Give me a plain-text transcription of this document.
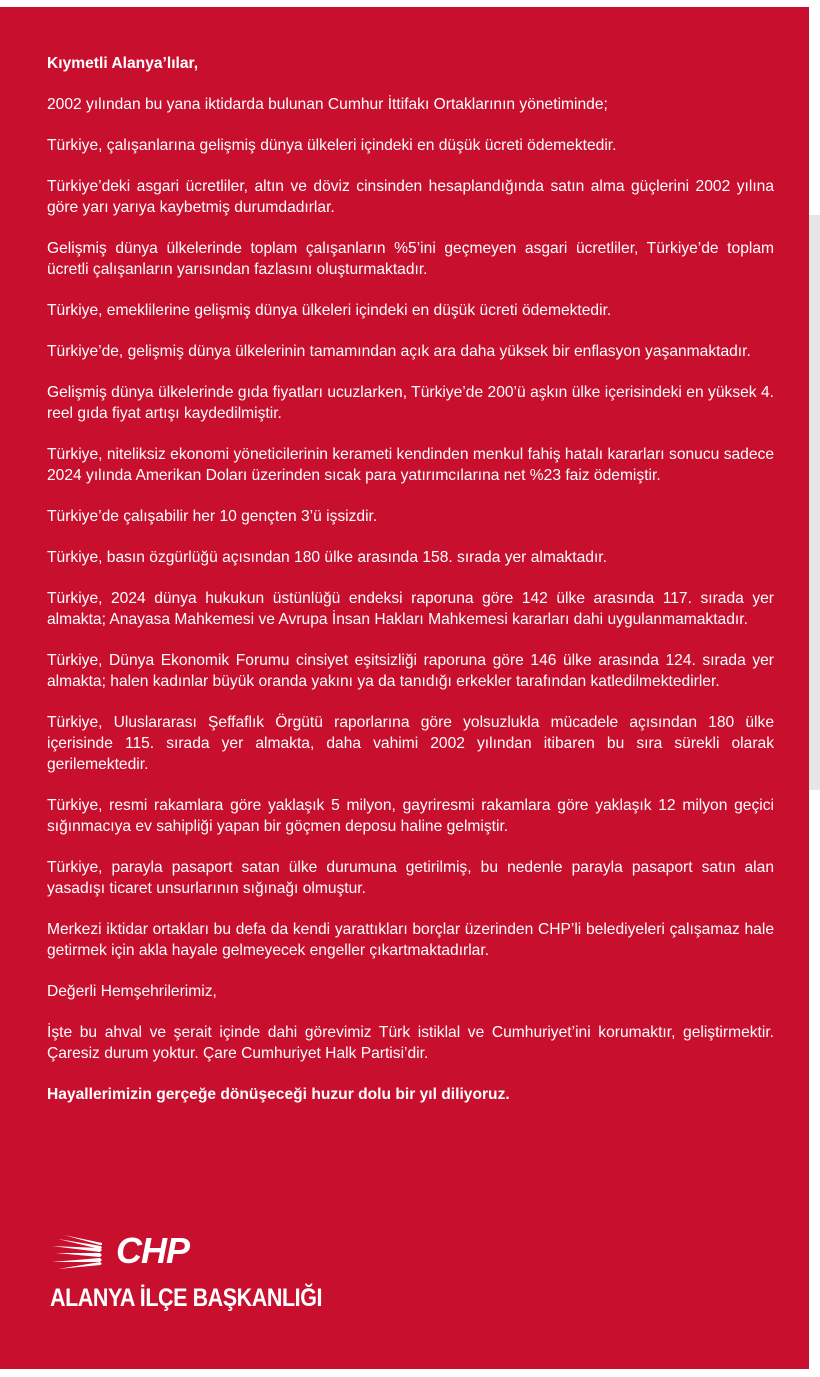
Kıymetli Alanya’lılar,

2002 yılından bu yana iktidarda bulunan Cumhur İttifakı Ortaklarının yönetiminde;

Türkiye, çalışanlarına gelişmiş dünya ülkeleri içindeki en düşük ücreti ödemektedir.

Türkiye’deki asgari ücretliler, altın ve döviz cinsinden hesaplandığında satın alma güçlerini 2002 yılına göre yarı yarıya kaybetmiş durumdadırlar.

Gelişmiş dünya ülkelerinde toplam çalışanların %5’ini geçmeyen asgari ücretliler, Türkiye’de toplam ücretli çalışanların yarısından fazlasını oluşturmaktadır.

Türkiye, emeklilerine gelişmiş dünya ülkeleri içindeki en düşük ücreti ödemektedir.

Türkiye’de, gelişmiş dünya ülkelerinin tamamından açık ara daha yüksek bir enflasyon yaşanmaktadır.

Gelişmiş dünya ülkelerinde gıda fiyatları ucuzlarken, Türkiye’de 200’ü aşkın ülke içerisindeki en yüksek 4. reel gıda fiyat artışı kaydedilmiştir.

Türkiye, niteliksiz ekonomi yöneticilerinin kerameti kendinden menkul fahiş hatalı kararları sonucu sadece 2024 yılında Amerikan Doları üzerinden sıcak para yatırımcılarına net %23 faiz ödemiştir.

Türkiye’de çalışabilir her 10 gençten 3’ü işsizdir.

Türkiye, basın özgürlüğü açısından 180 ülke arasında 158. sırada yer almaktadır.

Türkiye, 2024 dünya hukukun üstünlüğü endeksi raporuna göre 142 ülke arasında 117. sırada yer almakta; Anayasa Mahkemesi ve Avrupa İnsan Hakları Mahkemesi kararları dahi uygulanmamaktadır.

Türkiye, Dünya Ekonomik Forumu cinsiyet eşitsizliği raporuna göre 146 ülke arasında 124. sırada yer almakta; halen kadınlar büyük oranda yakını ya da tanıdığı erkekler tarafından katledilmektedirler.

Türkiye, Uluslararası Şeffaflık Örgütü raporlarına göre yolsuzlukla mücadele açısından 180 ülke içerisinde 115. sırada yer almakta, daha vahimi 2002 yılından itibaren bu sıra sürekli olarak gerilemektedir.

Türkiye, resmi rakamlara göre yaklaşık 5 milyon, gayriresmi rakamlara göre yaklaşık 12 milyon geçici sığınmacıya ev sahipliği yapan bir göçmen deposu haline gelmiştir.

Türkiye, parayla pasaport satan ülke durumuna getirilmiş, bu nedenle parayla pasaport satın alan yasadışı ticaret unsurlarının sığınağı olmuştur.

Merkezi iktidar ortakları bu defa da kendi yarattıkları borçlar üzerinden CHP’li belediyeleri çalışamaz hale getirmek için akla hayale gelmeyecek engeller çıkartmaktadırlar.

Değerli Hemşehrilerimiz,

İşte bu ahval ve şerait içinde dahi görevimiz Türk istiklal ve Cumhuriyet’ini korumaktır, geliştirmektir. Çaresiz durum yoktur. Çare Cumhuriyet Halk Partisi’dir.

Hayallerimizin gerçeğe dönüşeceği huzur dolu bir yıl diliyoruz.

CHP
ALANYA İLÇE BAŞKANLIĞI
